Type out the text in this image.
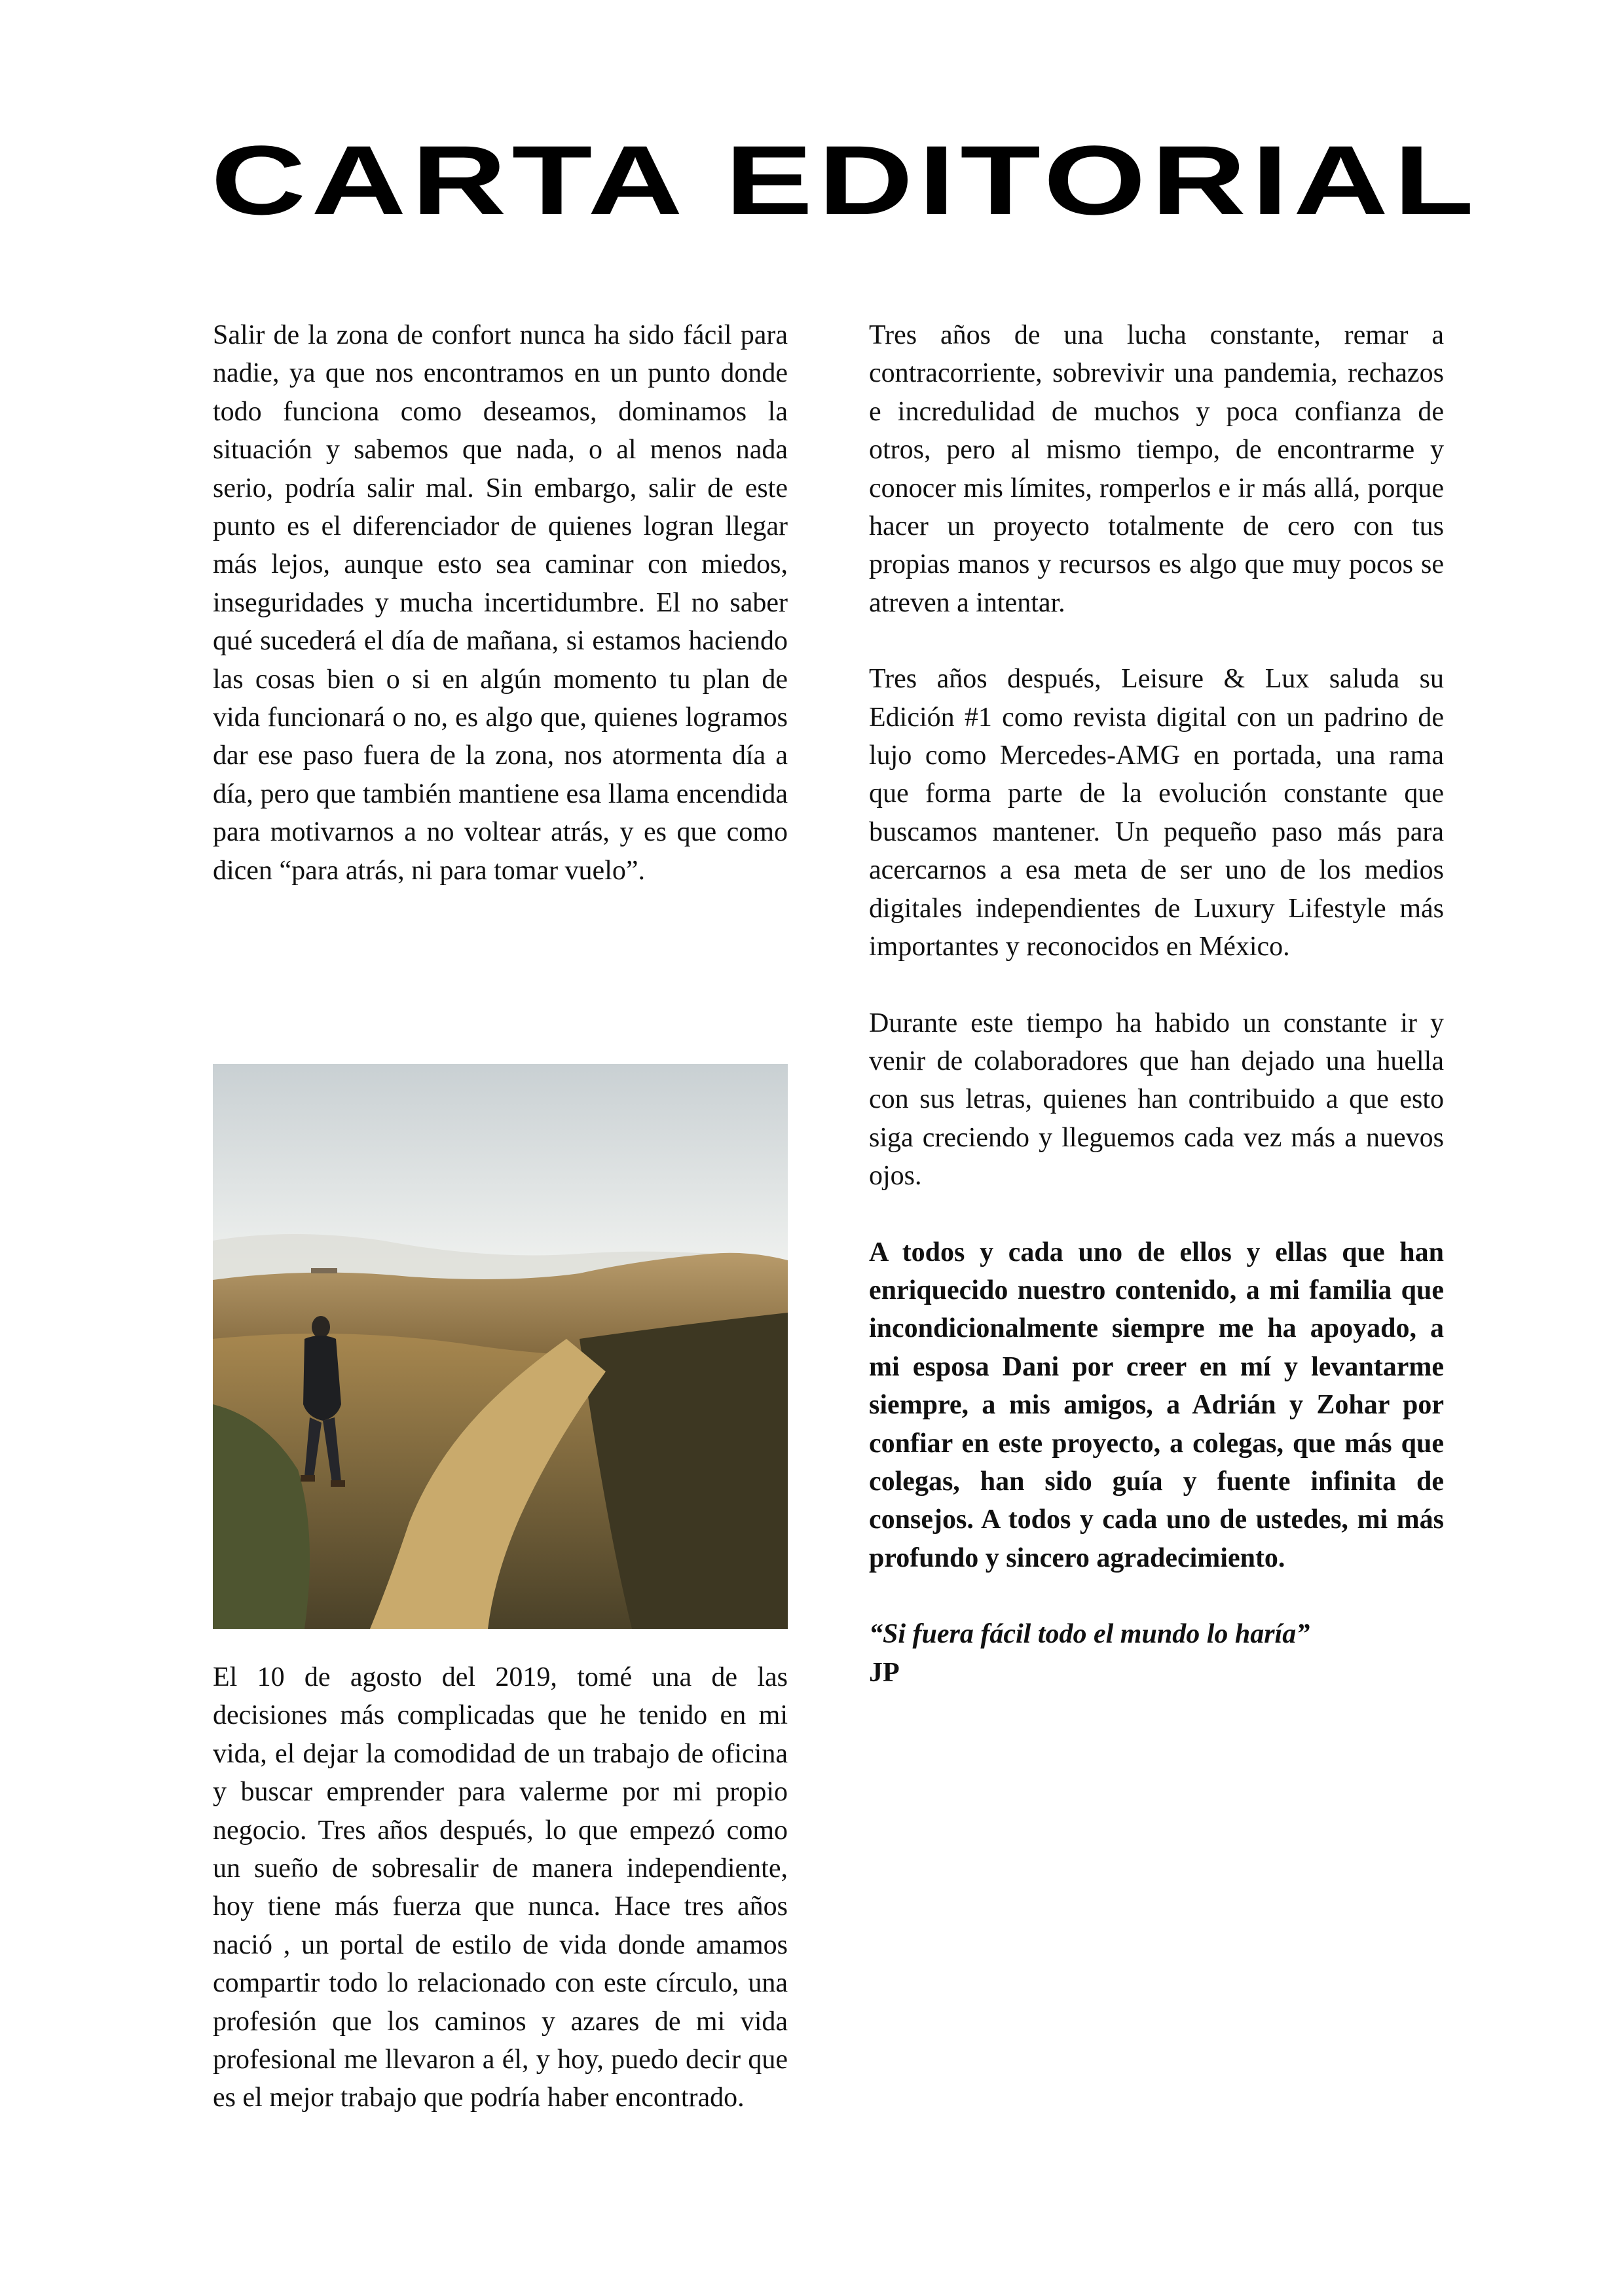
CARTA EDITORIAL

Salir de la zona de confort nunca ha sido fácil para nadie, ya que nos encontramos en un punto donde todo funciona como deseamos, dominamos la situación y sabemos que nada, o al menos nada serio, podría salir mal. Sin embargo, salir de este punto es el diferenciador de quienes logran llegar más lejos, aunque esto sea caminar con miedos, inseguridades y mucha incertidumbre. El no saber qué sucederá el día de mañana, si estamos haciendo las cosas bien o si en algún momento tu plan de vida funcionará o no, es algo que, quienes logramos dar ese paso fuera de la zona, nos atormenta día a día, pero que también mantiene esa llama encendida para motivarnos a no voltear atrás, y es que como dicen “para atrás, ni para tomar vuelo”.

El 10 de agosto del 2019, tomé una de las decisiones más complicadas que he tenido en mi vida, el dejar la comodidad de un trabajo de oficina y buscar emprender para valerme por mi propio negocio. Tres años después, lo que empezó como un sueño de sobresalir de manera independiente, hoy tiene más fuerza que nunca. Hace tres años nació , un portal de estilo de vida donde amamos compartir todo lo relacionado con este círculo, una profesión que los caminos y azares de mi vida profesional me llevaron a él, y hoy, puedo decir que es el mejor trabajo que podría haber encontrado.

Tres años de una lucha constante, remar a contracorriente, sobrevivir una pandemia, rechazos e incredulidad de muchos y poca confianza de otros, pero al mismo tiempo, de encontrarme y conocer mis límites, romperlos e ir más allá, porque hacer un proyecto totalmente de cero con tus propias manos y recursos es algo que muy pocos se atreven a intentar.

Tres años después, Leisure & Lux saluda su Edición #1 como revista digital con un padrino de lujo como Mercedes-AMG en portada, una rama que forma parte de la evolución constante que buscamos mantener. Un pequeño paso más para acercarnos a esa meta de ser uno de los medios digitales independientes de Luxury Lifestyle más importantes y reconocidos en México.

Durante este tiempo ha habido un constante ir y venir de colaboradores que han dejado una huella con sus letras, quienes han contribuido a que esto siga creciendo y lleguemos cada vez más a nuevos ojos.

A todos y cada uno de ellos y ellas que han enriquecido nuestro contenido, a mi familia que incondicionalmente siempre me ha apoyado, a mi esposa Dani por creer en mí y levantarme siempre, a mis amigos, a Adrián y Zohar por confiar en este proyecto, a colegas, que más que colegas, han sido guía y fuente infinita de consejos. A todos y cada uno de ustedes, mi más profundo y sincero agradecimiento.

“Si fuera fácil todo el mundo lo haría”

JP
